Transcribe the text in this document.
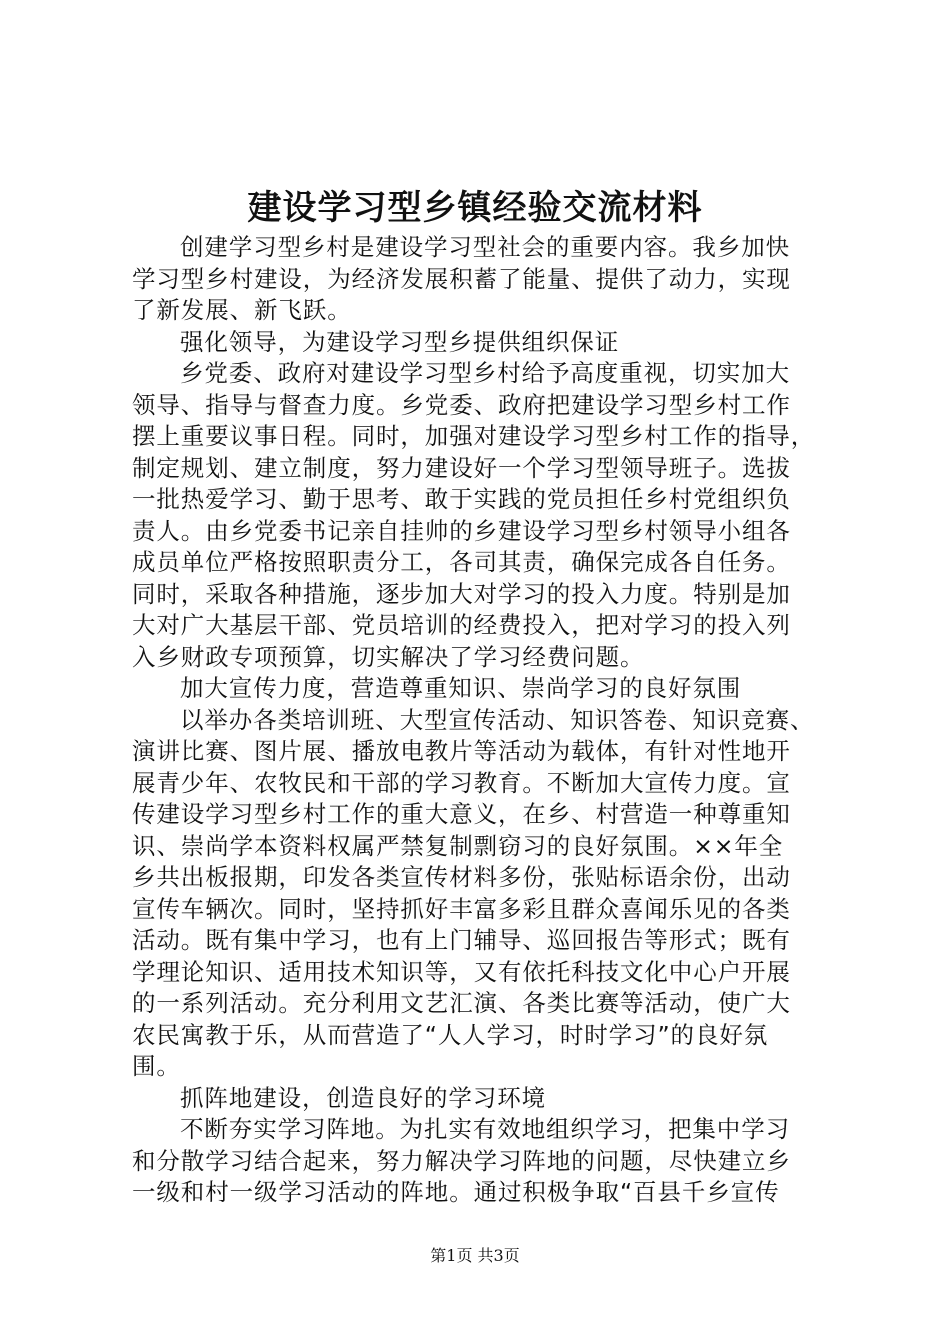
建设学习型乡镇经验交流材料
创建学习型乡村是建设学习型社会的重要内容。我乡加快
学习型乡村建设，为经济发展积蓄了能量、提供了动力，实现
了新发展、新飞跃。
强化领导，为建设学习型乡提供组织保证
乡党委、政府对建设学习型乡村给予高度重视，切实加大
领导、指导与督查力度。乡党委、政府把建设学习型乡村工作
摆上重要议事日程。同时，加强对建设学习型乡村工作的指导，
制定规划、建立制度，努力建设好一个学习型领导班子。选拔
一批热爱学习、勤于思考、敢于实践的党员担任乡村党组织负
责人。由乡党委书记亲自挂帅的乡建设学习型乡村领导小组各
成员单位严格按照职责分工，各司其责，确保完成各自任务。
同时，采取各种措施，逐步加大对学习的投入力度。特别是加
大对广大基层干部、党员培训的经费投入，把对学习的投入列
入乡财政专项预算，切实解决了学习经费问题。
加大宣传力度，营造尊重知识、崇尚学习的良好氛围
以举办各类培训班、大型宣传活动、知识答卷、知识竞赛、
演讲比赛、图片展、播放电教片等活动为载体，有针对性地开
展青少年、农牧民和干部的学习教育。不断加大宣传力度。宣
传建设学习型乡村工作的重大意义，在乡、村营造一种尊重知
识、崇尚学本资料权属严禁复制剽窃习的良好氛围。××年全
乡共出板报期，印发各类宣传材料多份，张贴标语余份，出动
宣传车辆次。同时，坚持抓好丰富多彩且群众喜闻乐见的各类
活动。既有集中学习，也有上门辅导、巡回报告等形式；既有
学理论知识、适用技术知识等，又有依托科技文化中心户开展
的一系列活动。充分利用文艺汇演、各类比赛等活动，使广大
农民寓教于乐，从而营造了“人人学习，时时学习”的良好氛
围。
抓阵地建设，创造良好的学习环境
不断夯实学习阵地。为扎实有效地组织学习，把集中学习
和分散学习结合起来，努力解决学习阵地的问题，尽快建立乡
一级和村一级学习活动的阵地。通过积极争取“百县千乡宣传
第1页 共3页
